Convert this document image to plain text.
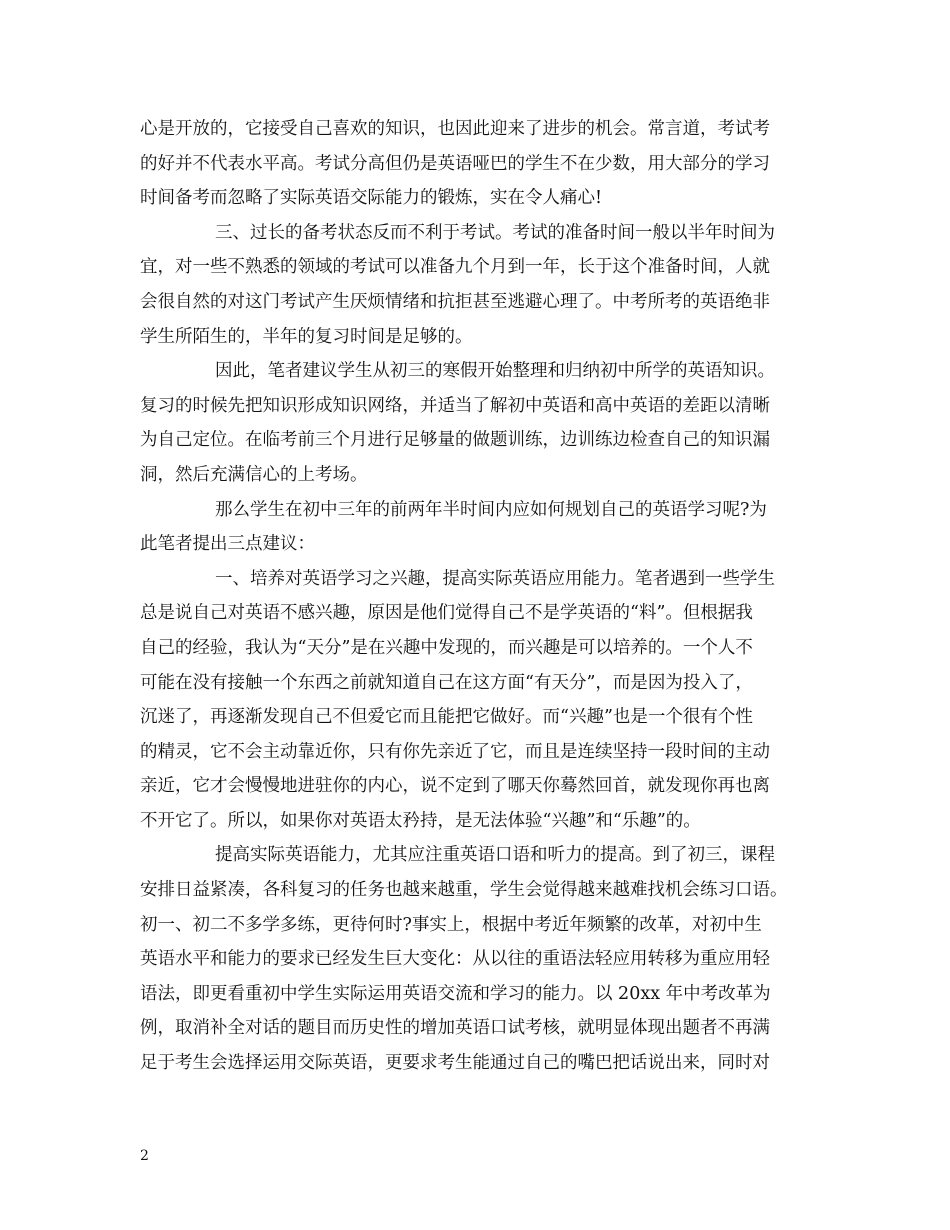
心是开放的，它接受自己喜欢的知识，也因此迎来了进步的机会。常言道，考试考
的好并不代表水平高。考试分高但仍是英语哑巴的学生不在少数，用大部分的学习
时间备考而忽略了实际英语交际能力的锻炼，实在令人痛心!
三、过长的备考状态反而不利于考试。考试的准备时间一般以半年时间为
宜，对一些不熟悉的领域的考试可以准备九个月到一年，长于这个准备时间，人就
会很自然的对这门考试产生厌烦情绪和抗拒甚至逃避心理了。中考所考的英语绝非
学生所陌生的，半年的复习时间是足够的。
因此，笔者建议学生从初三的寒假开始整理和归纳初中所学的英语知识。
复习的时候先把知识形成知识网络，并适当了解初中英语和高中英语的差距以清晰
为自己定位。在临考前三个月进行足够量的做题训练，边训练边检查自己的知识漏
洞，然后充满信心的上考场。
那么学生在初中三年的前两年半时间内应如何规划自己的英语学习呢?为
此笔者提出三点建议：
一、培养对英语学习之兴趣，提高实际英语应用能力。笔者遇到一些学生
总是说自己对英语不感兴趣，原因是他们觉得自己不是学英语的“料”。但根据我
自己的经验，我认为“天分”是在兴趣中发现的，而兴趣是可以培养的。一个人不
可能在没有接触一个东西之前就知道自己在这方面“有天分”，而是因为投入了，
沉迷了，再逐渐发现自己不但爱它而且能把它做好。而“兴趣”也是一个很有个性
的精灵，它不会主动靠近你，只有你先亲近了它，而且是连续坚持一段时间的主动
亲近，它才会慢慢地进驻你的内心，说不定到了哪天你蓦然回首，就发现你再也离
不开它了。所以，如果你对英语太矜持，是无法体验“兴趣”和“乐趣”的。
提高实际英语能力，尤其应注重英语口语和听力的提高。到了初三，课程
安排日益紧凑，各科复习的任务也越来越重，学生会觉得越来越难找机会练习口语。
初一、初二不多学多练，更待何时?事实上，根据中考近年频繁的改革，对初中生
英语水平和能力的要求已经发生巨大变化：从以往的重语法轻应用转移为重应用轻
语法，即更看重初中学生实际运用英语交流和学习的能力。以 20xx 年中考改革为
例，取消补全对话的题目而历史性的增加英语口试考核，就明显体现出题者不再满
足于考生会选择运用交际英语，更要求考生能通过自己的嘴巴把话说出来，同时对
2
